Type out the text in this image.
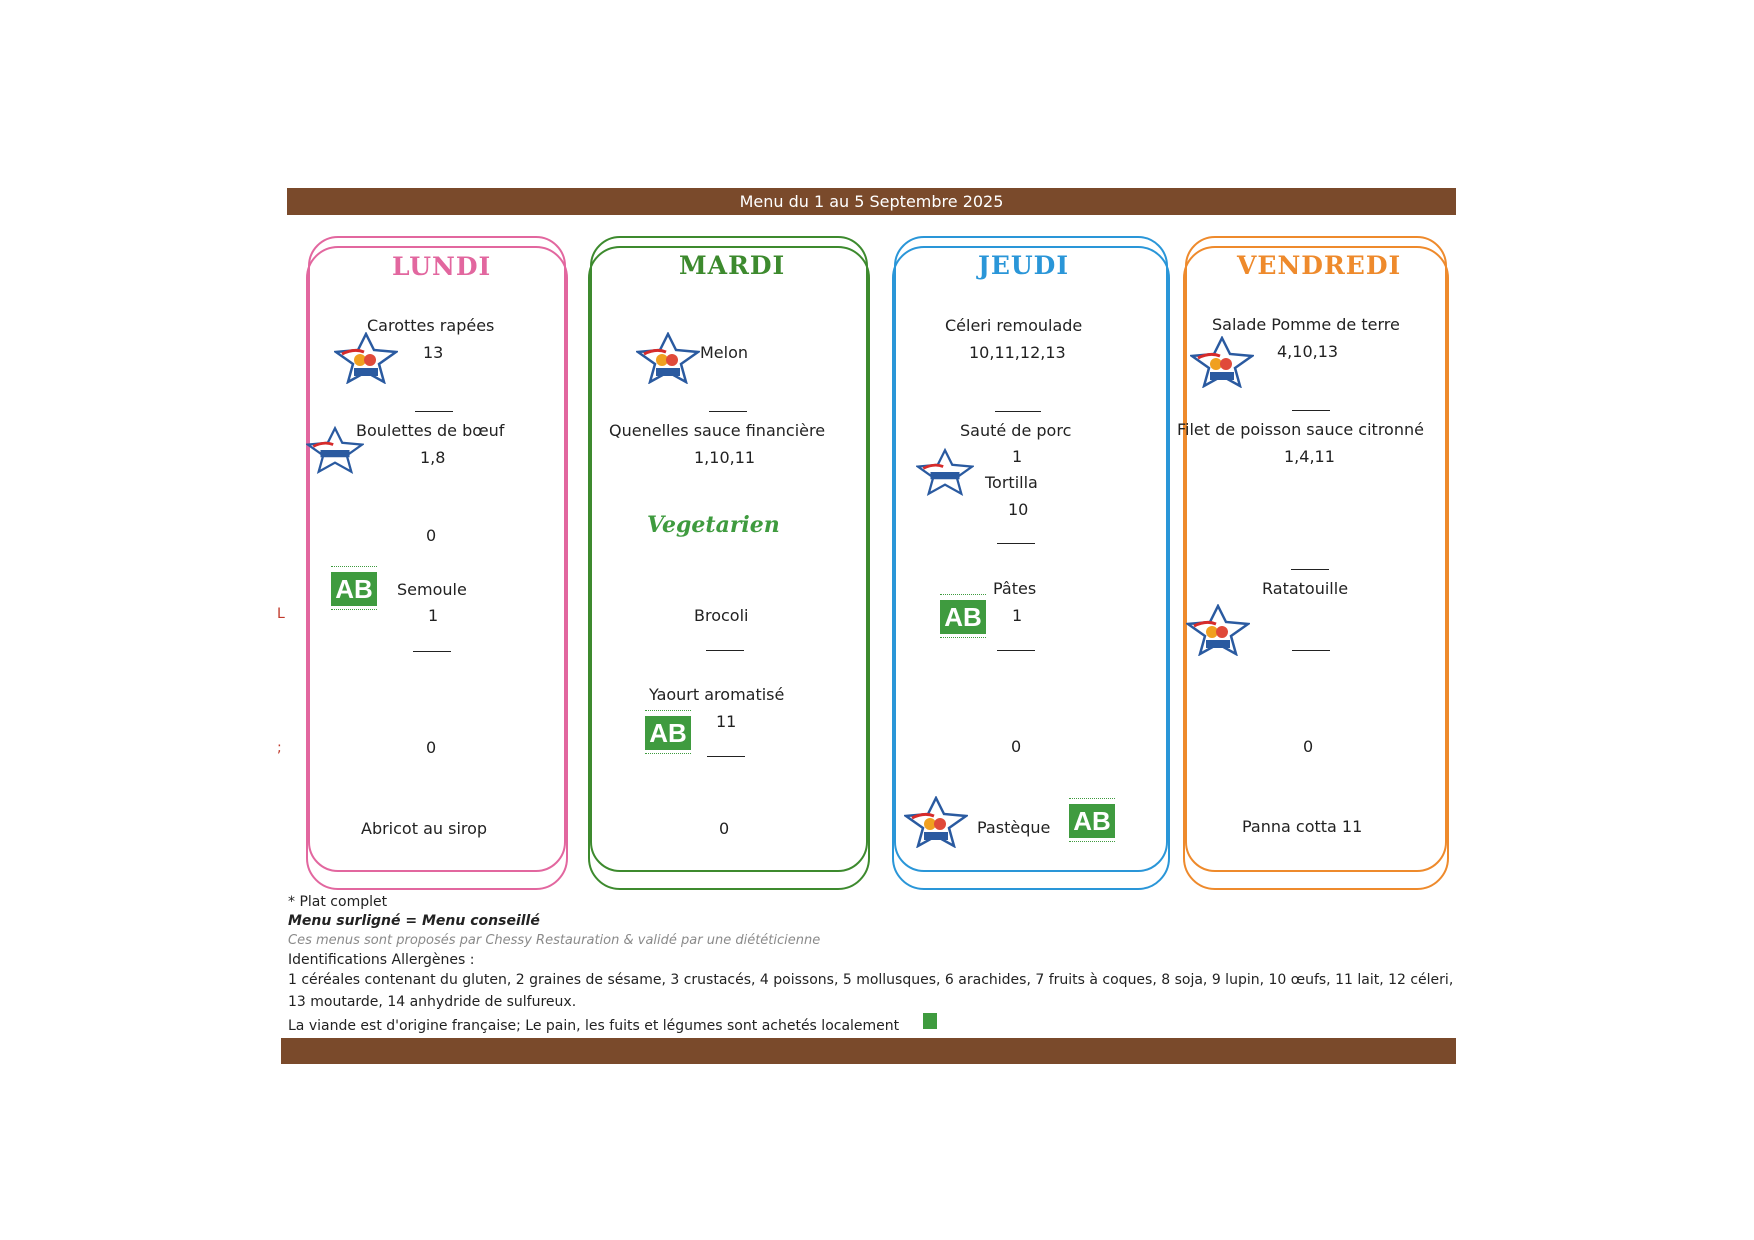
Menu du 1 au 5 Septembre 2025
L
;
LUNDI
Carottes rapées
13
Boulettes de bœuf
1,8
0
AB Semoule
1
0
Abricot au sirop
MARDI
Melon
Quenelles sauce financière
1,10,11
Vegetarien
Brocoli
AB
Yaourt aromatisé
11
0
JEUDI
Céleri remoulade
10,11,12,13
Sauté de porc
1
Tortilla
10
AB
Pâtes
1
0
Pastèque AB
VENDREDI
Salade Pomme de terre
4,10,13
Filet de poisson sauce citronné
1,4,11
Ratatouille
0
Panna cotta 11
* Plat complet
Menu surligné = Menu conseillé
Ces menus sont proposés par Chessy Restauration & validé par une diététicienne
Identifications Allergènes :
1 céréales contenant du gluten, 2 graines de sésame, 3 crustacés, 4 poissons, 5 mollusques, 6 arachides, 7 fruits à coques, 8 soja, 9 lupin, 10 œufs, 11 lait, 12 céleri,
13 moutarde, 14 anhydride de sulfureux.
La viande est d'origine française; Le pain, les fuits et légumes sont achetés localement
